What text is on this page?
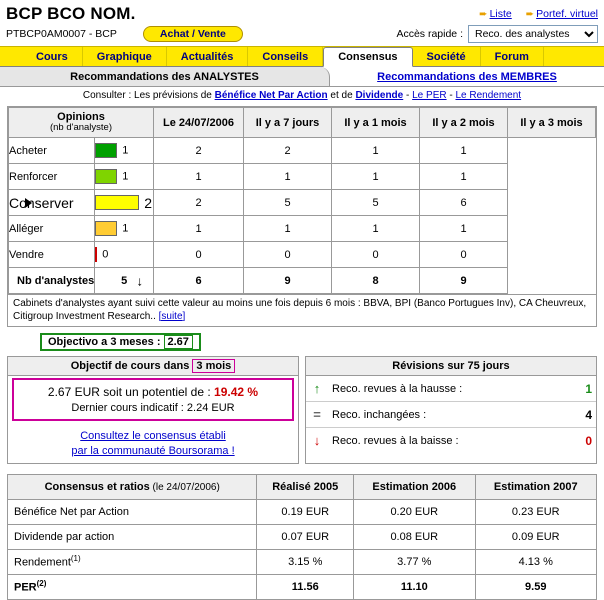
BCP BCO NOM.	➨ Liste ➨ Portef. virtuel
PTBCP0AM0007 - BCP	Achat / Vente	Accès rapide :
Reco. des analystes
Cours	Graphique	Actualités	Conseils	Consensus	Société	Forum
Recommandations des ANALYSTES	Recommandations des MEMBRES
Consulter : Les prévisions de Bénéfice Net Par Action et de Dividende - Le PER - Le Rendement
Opinions
(nb d'analyste)		Le 24/07/2006	Il y a 7 jours	Il y a 1 mois	Il y a 2 mois	Il y a 3 mois
Acheter	1	2	2	1	1	
Renforcer	1	1	1	1	1	

Conserver	2	2	5	5	6	
Alléger	1	1	1	1	1	
Vendre	0	0	0	0	0	
Nb d'analystes	5 ↓	6	9	8	9	
Cabinets d'analystes ayant suivi cette valeur au moins une fois depuis 6 mois : BBVA, BPI (Banco Portugues Inv), CA Cheuvreux, Citigroup Investment Research.. [suite]
Objectivo a 3 meses : 2.67
Objectif de cours dans 3 mois
2.67 EUR soit un potentiel de : 19.42 %
Dernier cours indicatif : 2.24 EUR
Consultez le consensus établi
par la communauté Boursorama !
Révisions sur 75 jours
↑	Reco. revues à la hausse :	1
=	Reco. inchangées :	4
↓	Reco. revues à la baisse :	0
Consensus et ratios (le 24/07/2006)	Réalisé 2005	Estimation 2006	Estimation 2007
Bénéfice Net par Action	0.19 EUR	0.20 EUR	0.23 EUR
Dividende par action	0.07 EUR	0.08 EUR	0.09 EUR
Rendement$^{(1)}$	3.15 %	3.77 %	4.13 %
PER$^{(2)}$	11.56	11.10	9.59
